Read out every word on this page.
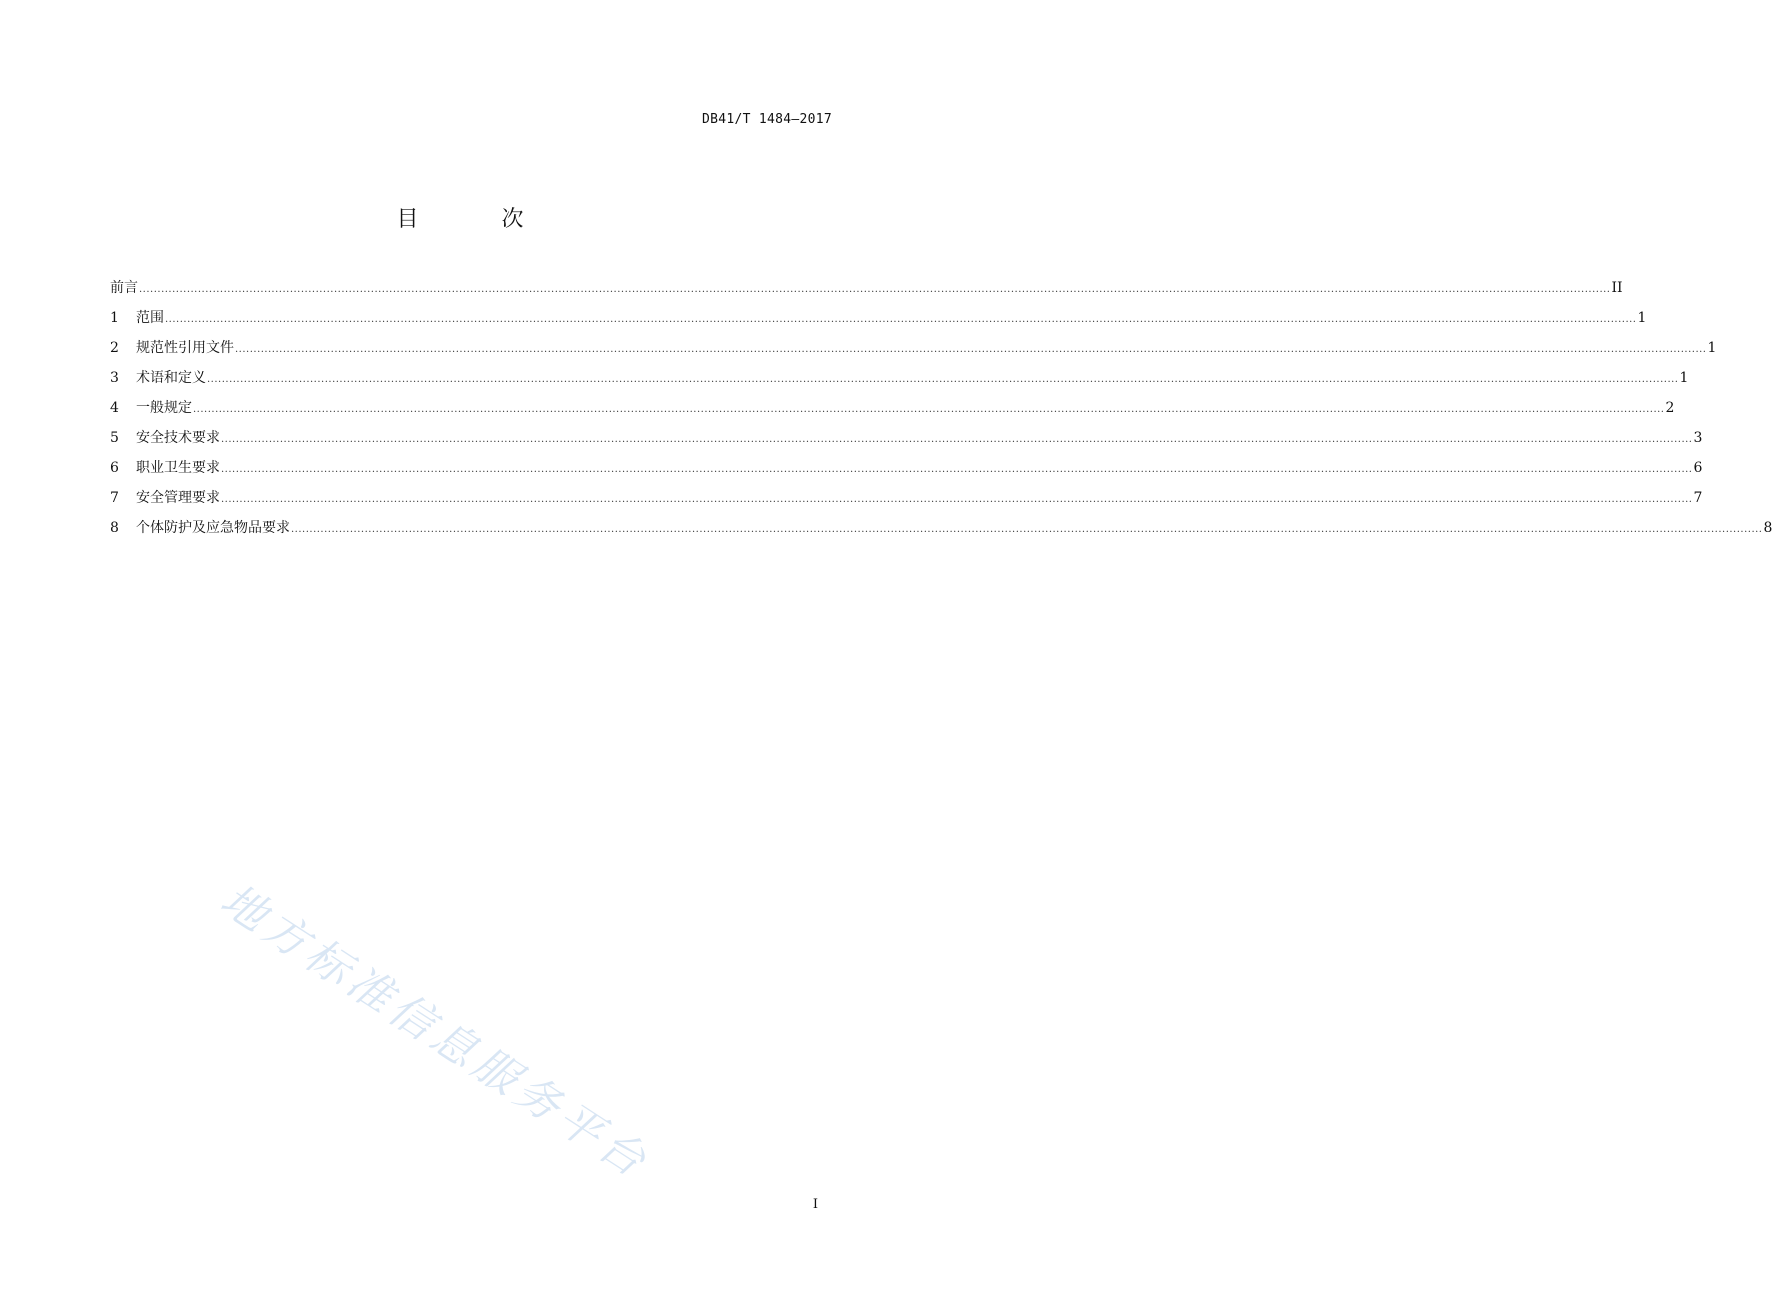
DB41/T 1484—2017
目	次
前言 ................................................................................................................................................................................................................................................................................................................................................................................................................ II
1	范围 ................................................................................................................................................................................................................................................................................................................................................................................................................ 1
2	规范性引用文件 ................................................................................................................................................................................................................................................................................................................................................................................................................ 1
3	术语和定义 ................................................................................................................................................................................................................................................................................................................................................................................................................ 1
4	一般规定 ................................................................................................................................................................................................................................................................................................................................................................................................................ 2
5	安全技术要求 ................................................................................................................................................................................................................................................................................................................................................................................................................ 3
6	职业卫生要求 ................................................................................................................................................................................................................................................................................................................................................................................................................ 6
7	安全管理要求 ................................................................................................................................................................................................................................................................................................................................................................................................................ 7
8	个体防护及应急物品要求 ................................................................................................................................................................................................................................................................................................................................................................................................................ 8
地方标准信息服务平台
I
